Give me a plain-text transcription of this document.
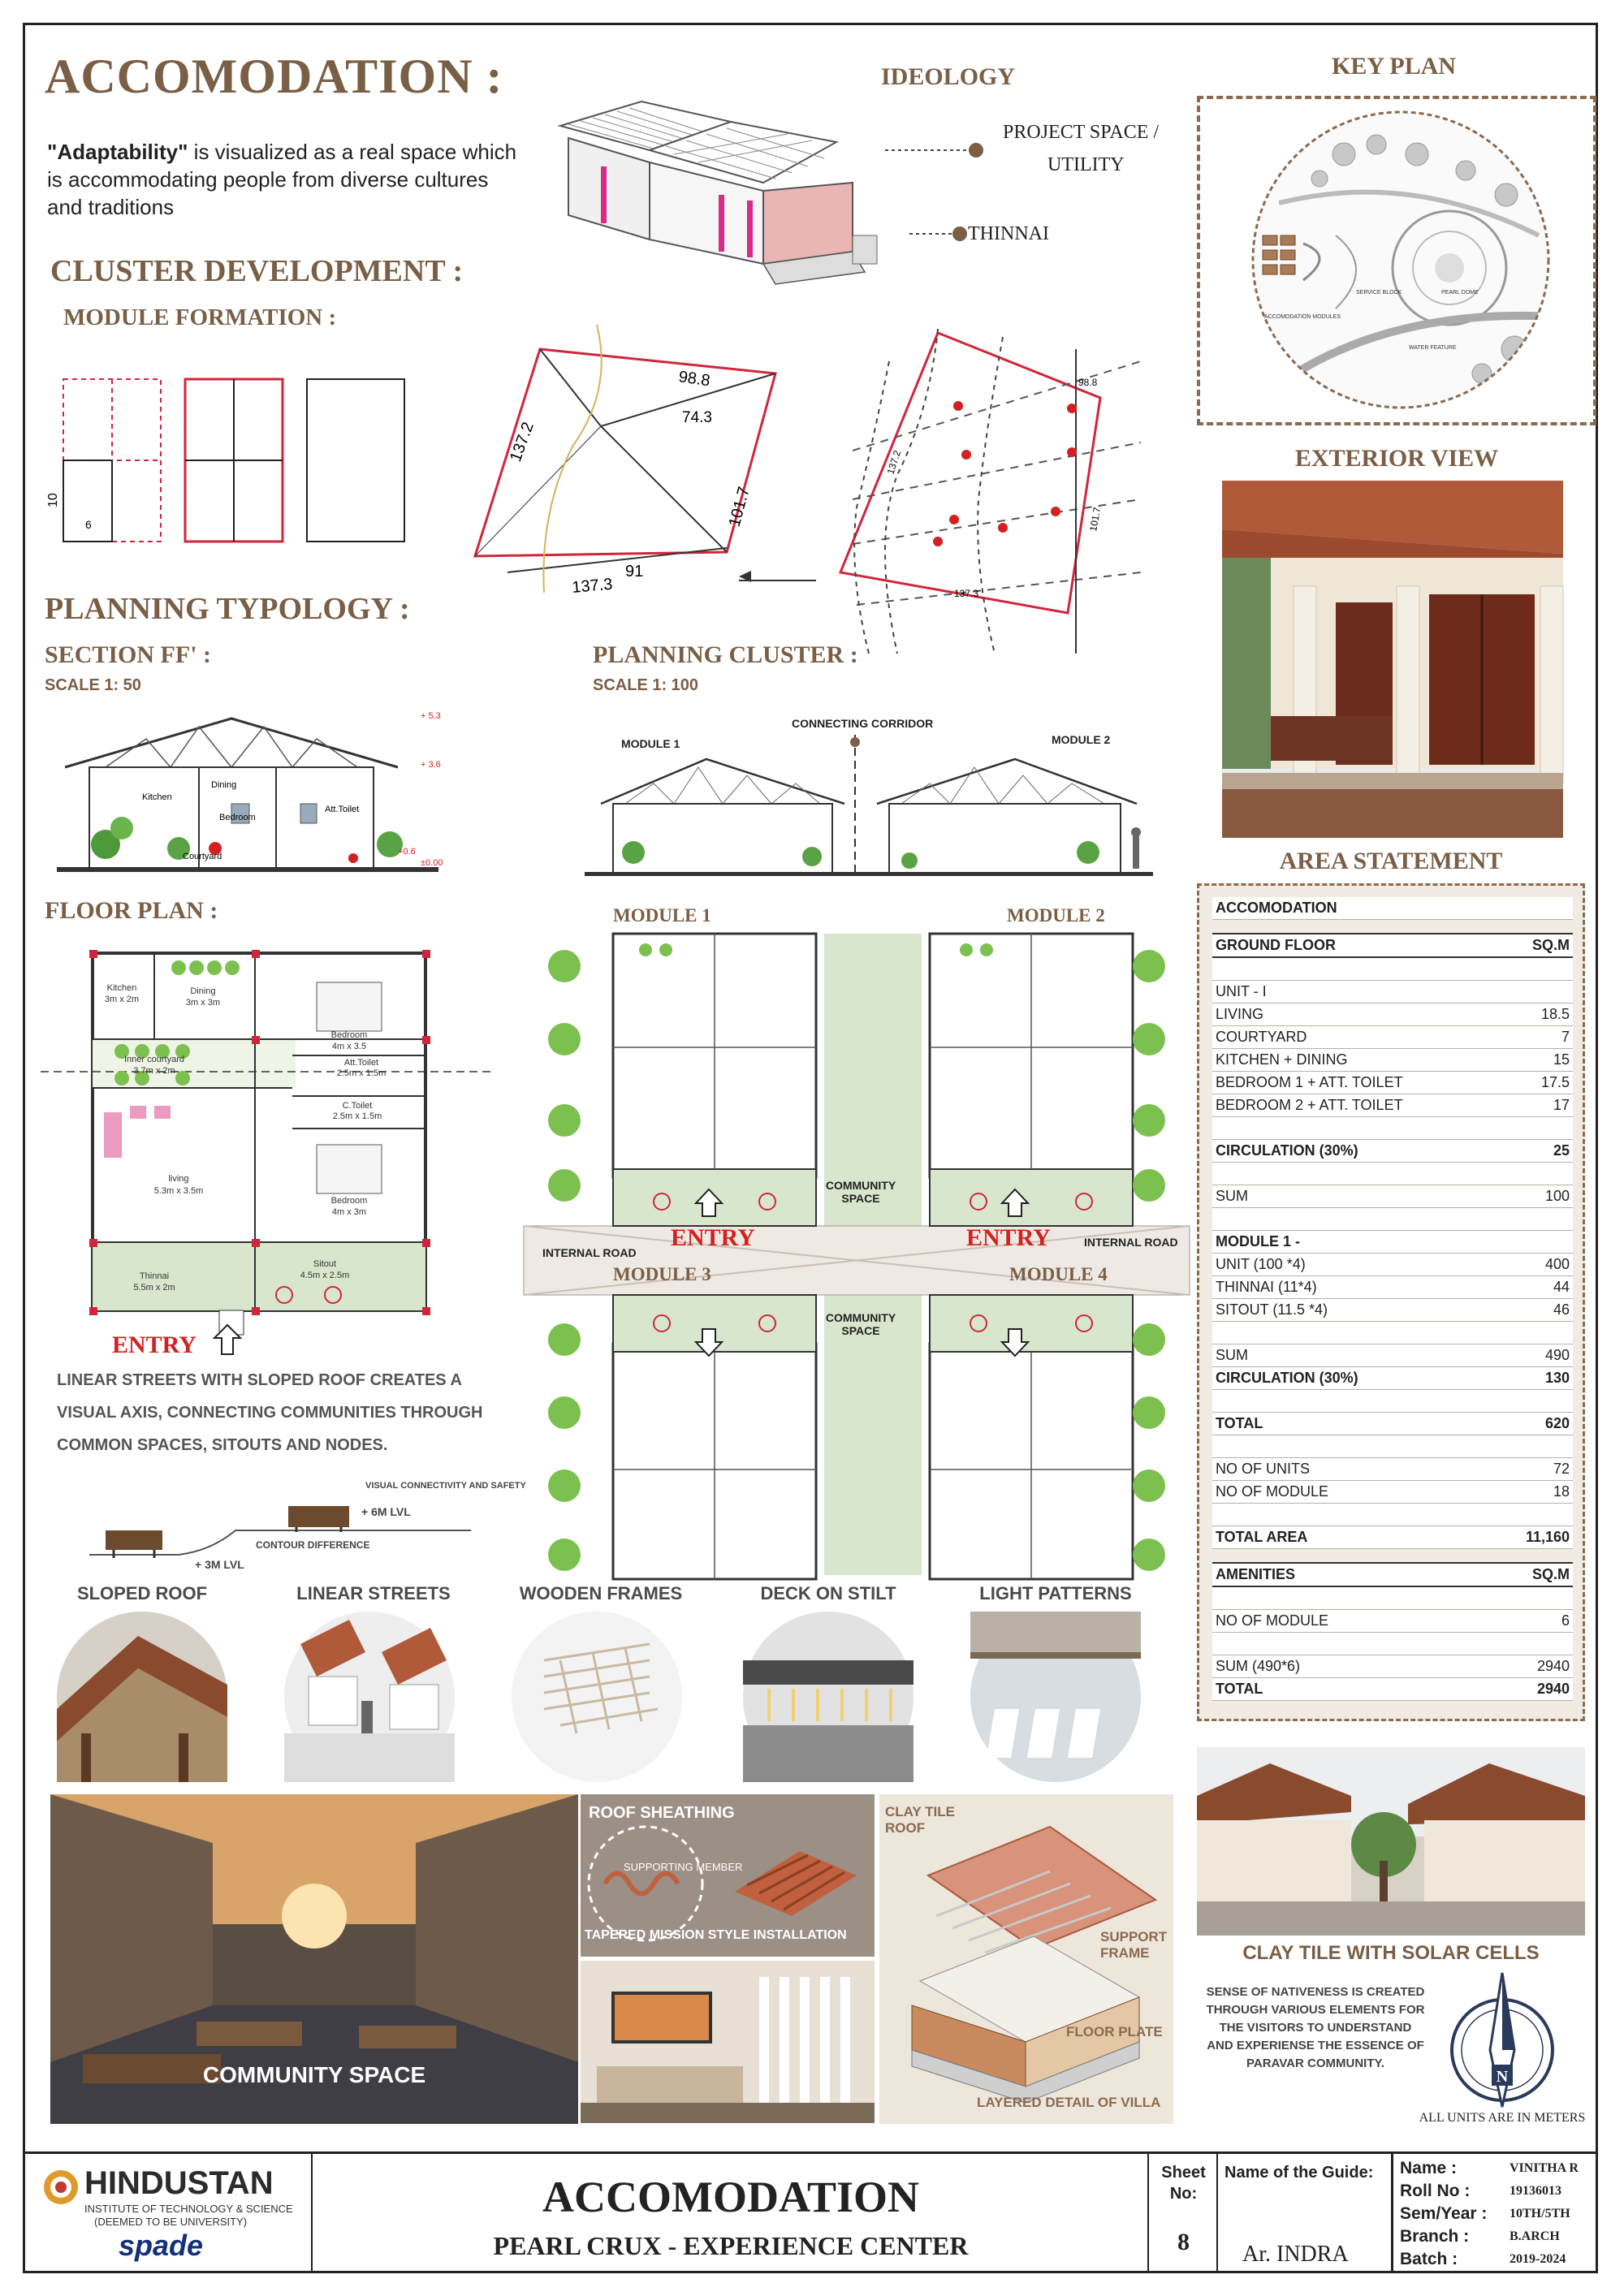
ACCOMODATION :
"Adaptability" is visualized as a real space which is accommodating people from diverse cultures and traditions
IDEOLOGY
PROJECT SPACE /
UTILITY
THINNAI
KEY PLAN
SERVICE BLOCK	PEARL DOME
ACCOMODATION MODULES
WATER FEATURE
CLUSTER DEVELOPMENT :
MODULE FORMATION :
10
6
98.8
74.3
137.2
101.7
91
137.3
98.8
137.2
101.7
137.3
EXTERIOR VIEW
PLANNING TYPOLOGY :
SECTION FF' :
SCALE 1: 50
PLANNING CLUSTER :
SCALE 1: 100
Dining
Kitchen
Bedroom
Att.Toilet
Courtyard
+ 5.3
+ 3.6
+0.6
±0.00
CONNECTING CORRIDOR
MODULE 1	MODULE 2
FLOOR PLAN :
Kitchen
3m x 2m
Dining
3m x 3m
Bedroom
4m x 3.5
Inner courtyard
3.7m x 2m
Att.Toilet
2.5m x 1.5m
C.Toilet
2.5m x 1.5m
living
5.3m x 3.5m
Bedroom
4m x 3m
Thinnai
5.5m x 2m
Sitout
4.5m x 2.5m
ENTRY
LINEAR STREETS WITH SLOPED ROOF CREATES A VISUAL AXIS, CONNECTING COMMUNITIES THROUGH COMMON SPACES, SITOUTS AND NODES.
VISUAL CONNECTIVITY AND SAFETY
+ 6M LVL
CONTOUR DIFFERENCE
+ 3M LVL
MODULE 1	MODULE 2
MODULE 3	MODULE 4
ENTRY	ENTRY
INTERNAL ROAD
INTERNAL ROAD
COMMUNITY SPACE
COMMUNITY SPACE
SLOPED ROOF	LINEAR STREETS	WOODEN FRAMES	DECK ON STILT	LIGHT PATTERNS
AREA STATEMENT
ACCOMODATION	

GROUND FLOOR	SQ.M

UNIT - I	
LIVING	18.5
COURTYARD	7
KITCHEN + DINING	15
BEDROOM 1 + ATT. TOILET	17.5
BEDROOM 2 + ATT. TOILET	17

CIRCULATION (30%)	25

SUM	100

MODULE 1 -	
UNIT (100 *4)	400
THINNAI (11*4)	44
SITOUT (11.5 *4)	46

SUM	490
CIRCULATION (30%)	130

TOTAL	620

NO OF UNITS	72
NO OF MODULE	18

TOTAL AREA	11,160

AMENITIES	SQ.M

NO OF MODULE	6

SUM (490*6)	2940
TOTAL	2940
COMMUNITY SPACE
ROOF SHEATHING
SUPPORTING MEMBER
TAPERED MISSION STYLE INSTALLATION
CLAY TILE ROOF
SUPPORT FRAME
FLOOR PLATE
LAYERED DETAIL OF VILLA
CLAY TILE WITH SOLAR CELLS
SENSE OF NATIVENESS IS CREATED THROUGH VARIOUS ELEMENTS FOR THE VISITORS TO UNDERSTAND AND EXPERIENSE THE ESSENCE OF PARAVAR COMMUNITY.
N
ALL UNITS ARE IN METERS
HINDUSTAN
INSTITUTE OF TECHNOLOGY & SCIENCE
(DEEMED TO BE UNIVERSITY)
spade
ACCOMODATION
PEARL CRUX - EXPERIENCE CENTER
Sheet No:
8
Name of the Guide:
Ar. INDRA
Name :	VINITHA R
Roll No :	19136013
Sem/Year : 10TH/5TH
Branch :	B.ARCH
Batch :	2019-2024
